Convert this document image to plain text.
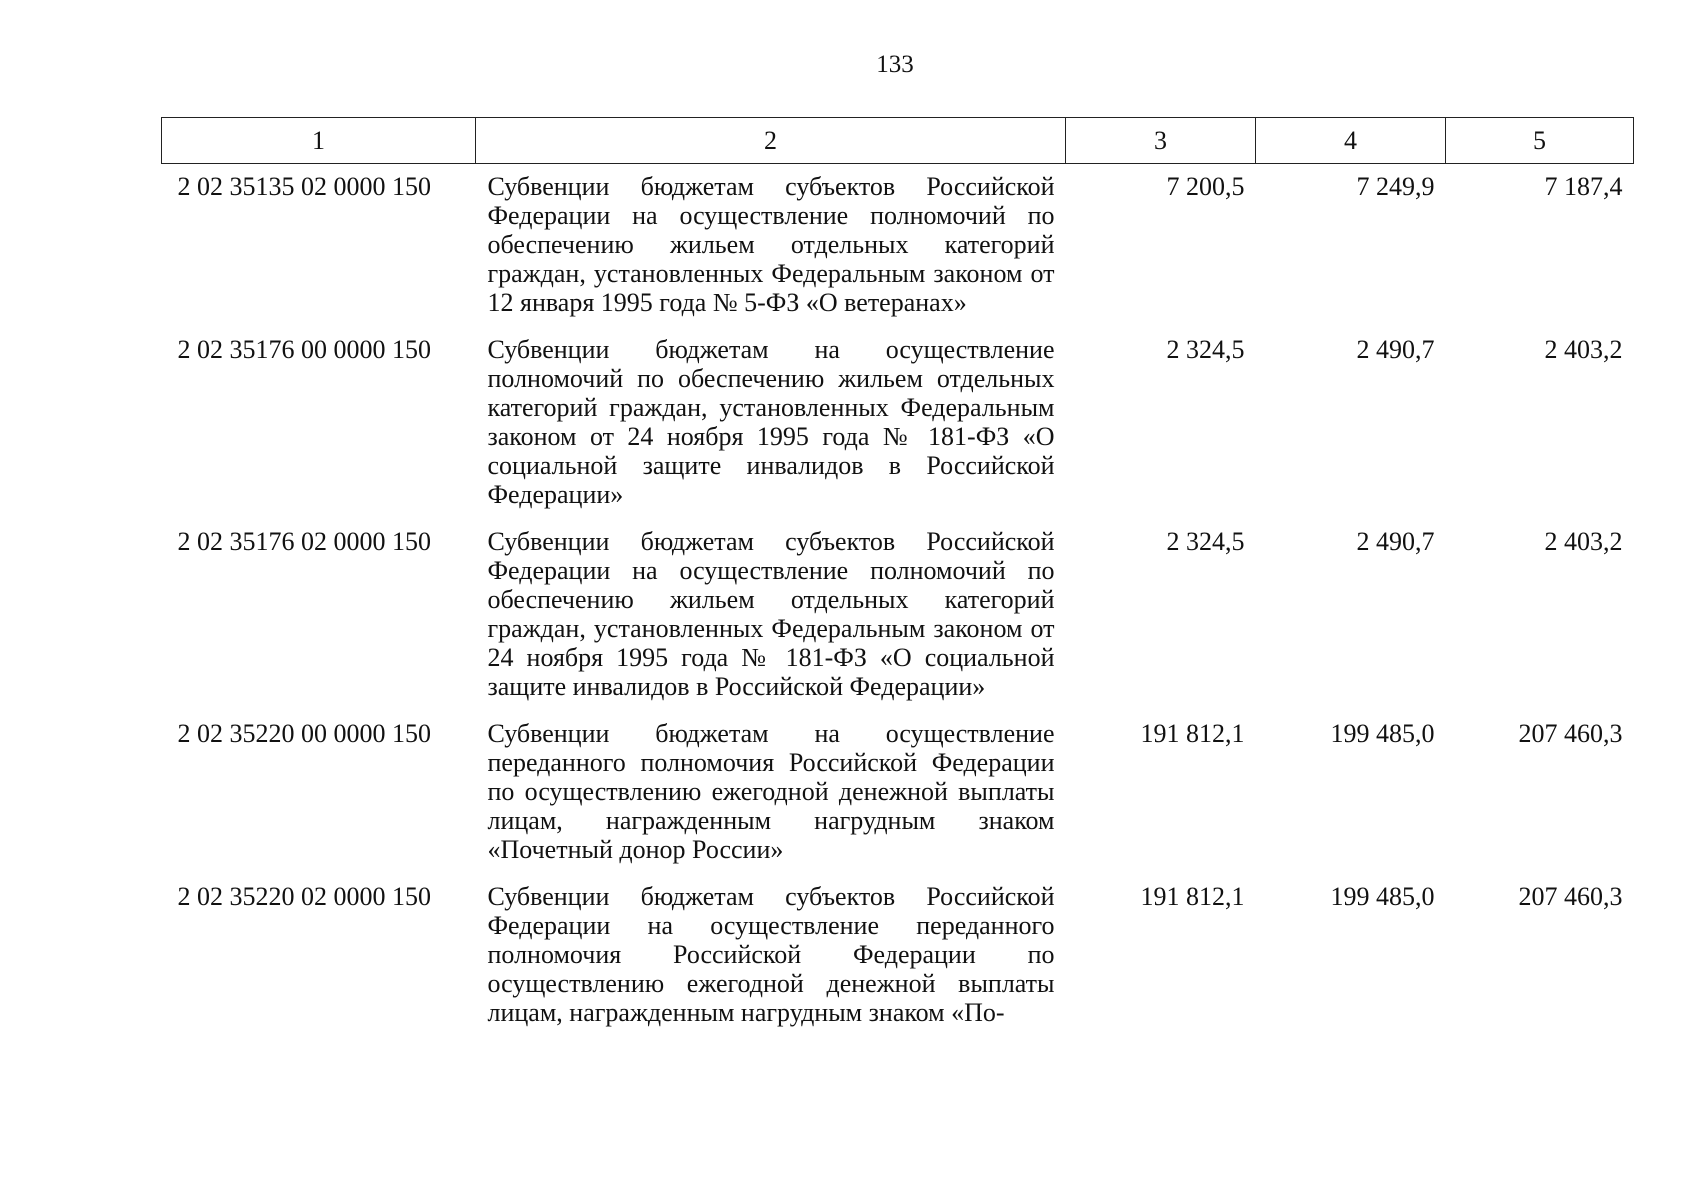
133
1	2	3	4	5
2 02 35135 02 0000 150	Субвенции бюджетам субъектов Российской Федерации на осуществление полномочий по обеспечению жильем отдельных категорий граждан, установленных Федеральным законом от 12 января 1995 года № 5-ФЗ «О ветеранах»	7 200,5	7 249,9	7 187,4
2 02 35176 00 0000 150	Субвенции бюджетам на осуществление полномочий по обеспечению жильем отдельных категорий граждан, установленных Федеральным законом от 24 ноября 1995 года № 181-ФЗ «О социальной защите инвалидов в Российской Федерации»	2 324,5	2 490,7	2 403,2
2 02 35176 02 0000 150	Субвенции бюджетам субъектов Российской Федерации на осуществление полномочий по обеспечению жильем отдельных категорий граждан, установленных Федеральным законом от 24 ноября 1995 года № 181-ФЗ «О социальной защите инвалидов в Российской Федерации»	2 324,5	2 490,7	2 403,2
2 02 35220 00 0000 150	Субвенции бюджетам на осуществление переданного полномочия Российской Федерации по осуществлению ежегодной денежной выплаты лицам, награжденным нагрудным знаком «Почетный донор России»	191 812,1	199 485,0	207 460,3
2 02 35220 02 0000 150	Субвенции бюджетам субъектов Российской Федерации на осуществление переданного полномочия Российской Федерации по осуществлению ежегодной денежной выплаты лицам, награжденным нагрудным знаком «По-	191 812,1	199 485,0	207 460,3
